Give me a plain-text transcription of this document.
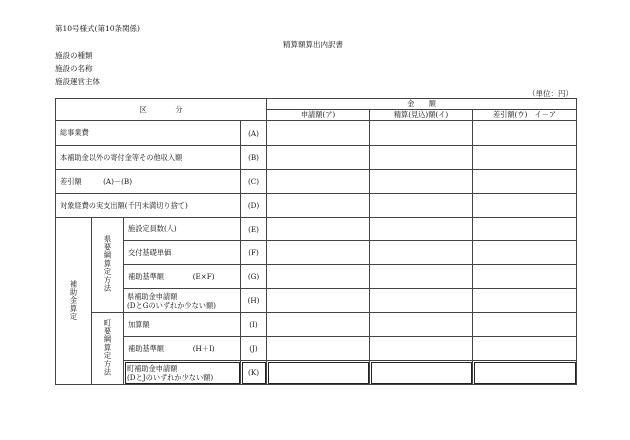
第10号様式(第10条関係)
精算額算出内訳書
施設の種類
施設の名称
施設運営主体
（単位：円）
区　　　　分				金　　額		
				申請額(ア)	精算(見込)額(イ)	差引額(ウ)　イ－ア
総事業費			(A)			
本補助金以外の寄付金等その他収入額			(B)			
差引額　　　(A)－(B)			(C)			
対象経費の実支出額(千円未満切り捨て)			(D)			
補助金算定	県要綱算定方法	施設定員数(人)	(E)			
		交付基礎単価	(F)			
		補助基準額　　　　(E×F)	(G)			

		県補助金申請額
(DとGのいずれか少ない額)	(H)			
	町要綱算定方法	加算額	(I)			
		補助基準額　　　　(H＋I)	(J)			

		町補助金申請額
(DとJのいずれか少ない額)	(K)			
